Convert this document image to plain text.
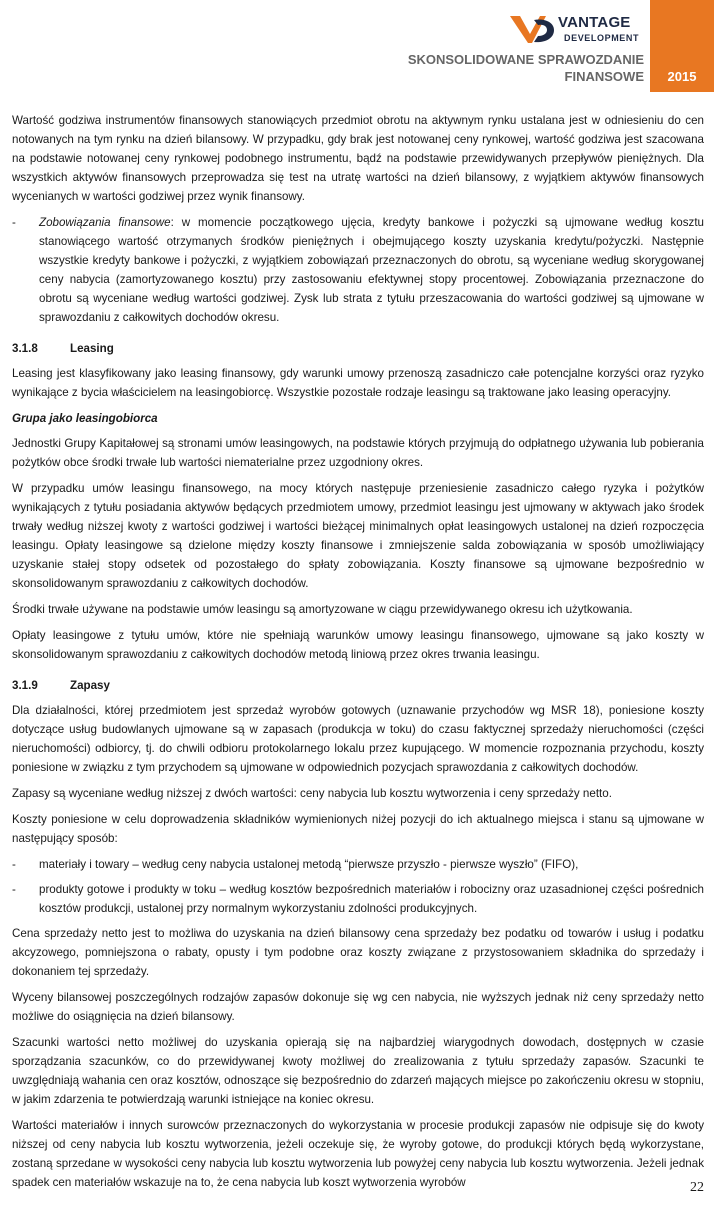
VANTAGE
DEVELOPMENT
SKONSOLIDOWANE SPRAWOZDANIE
FINANSOWE	2015

Wartość godziwa instrumentów finansowych stanowiących przedmiot obrotu na aktywnym rynku ustalana jest w odniesieniu do cen notowanych na tym rynku na dzień bilansowy. W przypadku, gdy brak jest notowanej ceny rynkowej, wartość godziwa jest szacowana na podstawie notowanej ceny rynkowej podobnego instrumentu, bądź na podstawie przewidywanych przepływów pieniężnych. Dla wszystkich aktywów finansowych przeprowadza się test na utratę wartości na dzień bilansowy, z wyjątkiem aktywów finansowych wycenianych w wartości godziwej przez wynik finansowy.

- Zobowiązania finansowe: w momencie początkowego ujęcia, kredyty bankowe i pożyczki są ujmowane według kosztu stanowiącego wartość otrzymanych środków pieniężnych i obejmującego koszty uzyskania kredytu/pożyczki. Następnie wszystkie kredyty bankowe i pożyczki, z wyjątkiem zobowiązań przeznaczonych do obrotu, są wyceniane według skorygowanej ceny nabycia (zamortyzowanego kosztu) przy zastosowaniu efektywnej stopy procentowej. Zobowiązania przeznaczone do obrotu są wyceniane według wartości godziwej. Zysk lub strata z tytułu przeszacowania do wartości godziwej są ujmowane w sprawozdaniu z całkowitych dochodów okresu.
3.1.8	Leasing

Leasing jest klasyfikowany jako leasing finansowy, gdy warunki umowy przenoszą zasadniczo całe potencjalne korzyści oraz ryzyko wynikające z bycia właścicielem na leasingobiorcę. Wszystkie pozostałe rodzaje leasingu są traktowane jako leasing operacyjny.

Grupa jako leasingobiorca

Jednostki Grupy Kapitałowej są stronami umów leasingowych, na podstawie których przyjmują do odpłatnego używania lub pobierania pożytków obce środki trwałe lub wartości niematerialne przez uzgodniony okres.

W przypadku umów leasingu finansowego, na mocy których następuje przeniesienie zasadniczo całego ryzyka i pożytków wynikających z tytułu posiadania aktywów będących przedmiotem umowy, przedmiot leasingu jest ujmowany w aktywach jako środek trwały według niższej kwoty z wartości godziwej i wartości bieżącej minimalnych opłat leasingowych ustalonej na dzień rozpoczęcia leasingu. Opłaty leasingowe są dzielone między koszty finansowe i zmniejszenie salda zobowiązania w sposób umożliwiający uzyskanie stałej stopy odsetek od pozostałego do spłaty zobowiązania. Koszty finansowe są ujmowane bezpośrednio w skonsolidowanym sprawozdaniu z całkowitych dochodów.

Środki trwałe używane na podstawie umów leasingu są amortyzowane w ciągu przewidywanego okresu ich użytkowania.

Opłaty leasingowe z tytułu umów, które nie spełniają warunków umowy leasingu finansowego, ujmowane są jako koszty w skonsolidowanym sprawozdaniu z całkowitych dochodów metodą liniową przez okres trwania leasingu.

3.1.9	Zapasy

Dla działalności, której przedmiotem jest sprzedaż wyrobów gotowych (uznawanie przychodów wg MSR 18), poniesione koszty dotyczące usług budowlanych ujmowane są w zapasach (produkcja w toku) do czasu faktycznej sprzedaży nieruchomości (części nieruchomości) odbiorcy, tj. do chwili odbioru protokolarnego lokalu przez kupującego. W momencie rozpoznania przychodu, koszty poniesione w związku z tym przychodem są ujmowane w odpowiednich pozycjach sprawozdania z całkowitych dochodów.

Zapasy są wyceniane według niższej z dwóch wartości: ceny nabycia lub kosztu wytworzenia i ceny sprzedaży netto.

Koszty poniesione w celu doprowadzenia składników wymienionych niżej pozycji do ich aktualnego miejsca i stanu są ujmowane w następujący sposób:

- materiały i towary – według ceny nabycia ustalonej metodą “pierwsze przyszło - pierwsze wyszło” (FIFO),
- produkty gotowe i produkty w toku – według kosztów bezpośrednich materiałów i robocizny oraz uzasadnionej części pośrednich kosztów produkcji, ustalonej przy normalnym wykorzystaniu zdolności produkcyjnych.

Cena sprzedaży netto jest to możliwa do uzyskania na dzień bilansowy cena sprzedaży bez podatku od towarów i usług i podatku akcyzowego, pomniejszona o rabaty, opusty i tym podobne oraz koszty związane z przystosowaniem składnika do sprzedaży i dokonaniem tej sprzedaży.

Wyceny bilansowej poszczególnych rodzajów zapasów dokonuje się wg cen nabycia, nie wyższych jednak niż ceny sprzedaży netto możliwe do osiągnięcia na dzień bilansowy.

Szacunki wartości netto możliwej do uzyskania opierają się na najbardziej wiarygodnych dowodach, dostępnych w czasie sporządzania szacunków, co do przewidywanej kwoty możliwej do zrealizowania z tytułu sprzedaży zapasów. Szacunki te uwzględniają wahania cen oraz kosztów, odnoszące się bezpośrednio do zdarzeń mających miejsce po zakończeniu okresu w stopniu, w jakim zdarzenia te potwierdzają warunki istniejące na koniec okresu.

Wartości materiałów i innych surowców przeznaczonych do wykorzystania w procesie produkcji zapasów nie odpisuje się do kwoty niższej od ceny nabycia lub kosztu wytworzenia, jeżeli oczekuje się, że wyroby gotowe, do produkcji których będą wykorzystane, zostaną sprzedane w wysokości ceny nabycia lub kosztu wytworzenia lub powyżej ceny nabycia lub kosztu wytworzenia. Jeżeli jednak spadek cen materiałów wskazuje na to, że cena nabycia lub koszt wytworzenia wyrobów	22
